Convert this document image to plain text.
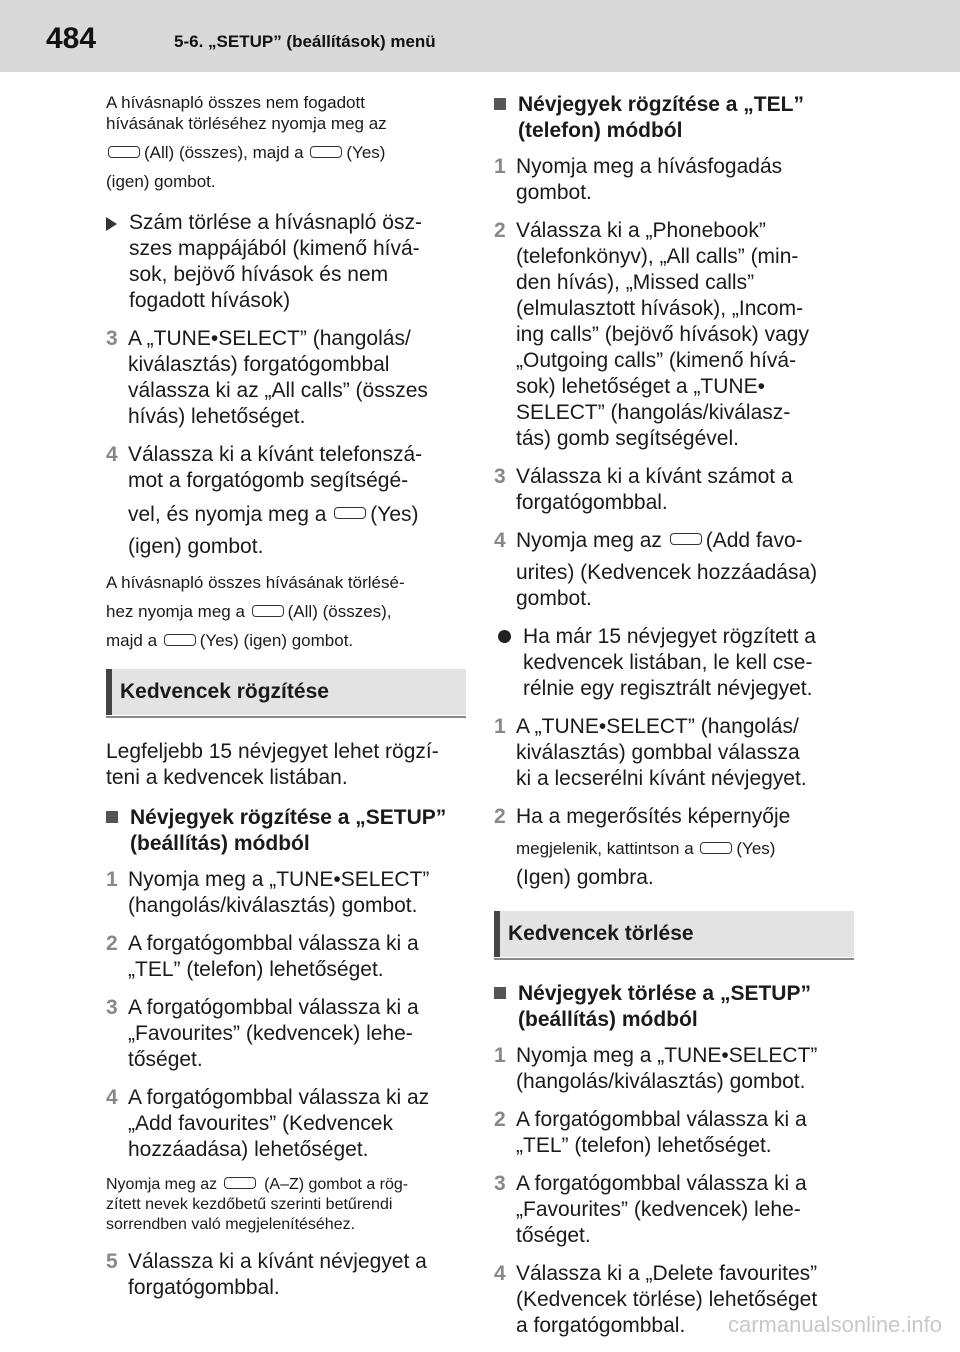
484	5-6. „SETUP” (beállítások) menü
A hívásnapló összes nem fogadott
hívásának törléséhez nyomja meg az
(All) (összes), majd a	(Yes)
(igen) gombot.
Szám törlése a hívásnapló ösz-
szes mappájából (kimenő hívá-
sok, bejövő hívások és nem
fogadott hívások)
3 A „TUNE•SELECT” (hangolás/
kiválasztás) forgatógombbal
válassza ki az „All calls” (összes
hívás) lehetőséget.
4 Válassza ki a kívánt telefonszá-
mot a forgatógomb segítségé-
vel, és nyomja meg a (Yes)
(igen) gombot.
A hívásnapló összes hívásának törlésé-
hez nyomja meg a	(All) (összes),
majd a	(Yes) (igen) gombot.
Kedvencek rögzítése
Legfeljebb 15 névjegyet lehet rögzí-
teni a kedvencek listában.
Névjegyek rögzítése a „SETUP”
(beállítás) módból
1 Nyomja meg a „TUNE•SELECT”
(hangolás/kiválasztás) gombot.
2 A forgatógombbal válassza ki a
„TEL” (telefon) lehetőséget.
3 A forgatógombbal válassza ki a
„Favourites” (kedvencek) lehe-
tőséget.
4 A forgatógombbal válassza ki az
„Add favourites” (Kedvencek
hozzáadása) lehetőséget.
Nyomja meg az	(A–Z) gombot a rög-
zített nevek kezdőbetű szerinti betűrendi
sorrendben való megjelenítéséhez.
5 Válassza ki a kívánt névjegyet a
forgatógombbal.
Névjegyek rögzítése a „TEL”
(telefon) módból
1 Nyomja meg a hívásfogadás
gombot.
2 Válassza ki a „Phonebook”
(telefonkönyv), „All calls” (min-
den hívás), „Missed calls”
(elmulasztott hívások), „Incom-
ing calls” (bejövő hívások) vagy
„Outgoing calls” (kimenő hívá-
sok) lehetőséget a „TUNE•
SELECT” (hangolás/kiválasz-
tás) gomb segítségével.
3 Válassza ki a kívánt számot a
forgatógombbal.
4 Nyomja meg az (Add favo-
urites) (Kedvencek hozzáadása)
gombot.
Ha már 15 névjegyet rögzített a
kedvencek listában, le kell cse-
rélnie egy regisztrált névjegyet.
1 A „TUNE•SELECT” (hangolás/
kiválasztás) gombbal válassza
ki a lecserélni kívánt névjegyet.
2 Ha a megerősítés képernyője
megjelenik, kattintson a	(Yes)
(Igen) gombra.
Kedvencek törlése
Névjegyek törlése a „SETUP”
(beállítás) módból
1 Nyomja meg a „TUNE•SELECT”
(hangolás/kiválasztás) gombot.
2 A forgatógombbal válassza ki a
„TEL” (telefon) lehetőséget.
3 A forgatógombbal válassza ki a
„Favourites” (kedvencek) lehe-
tőséget.
4 Válassza ki a „Delete favourites”
(Kedvencek törlése) lehetőséget
a forgatógombbal.	carmanualsonline.info
